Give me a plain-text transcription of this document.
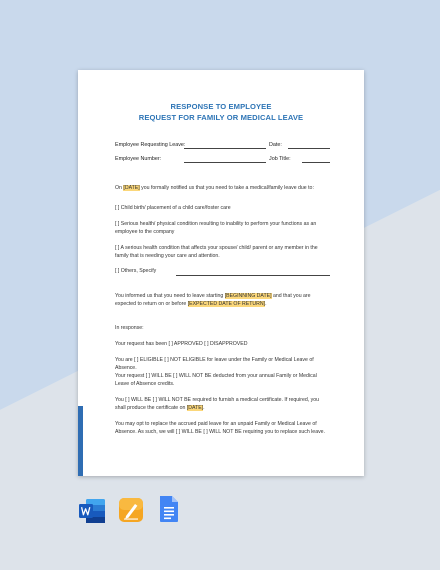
RESPONSE TO EMPLOYEE
REQUEST FOR FAMILY OR MEDICAL LEAVE
Employee Requesting Leave:	Date:
Employee Number:	Job Title:
On [DATE] you formally notified us that you need to take a medical/family leave due to:
[ ] Child birth/ placement of a child care/foster care
[ ] Serious health/ physical condition resulting to inability to perform your functions as an employee to the company
[ ] A serious health condition that affects your spouse/ child/ parent or any member in the family that is needing your care and attention.
[ ] Others, Specify
You informed us that you need to leave starting [BEGINNING DATE] and that you are expected to return on or before [EXPECTED DATE OF RETURN].
In response:
Your request has been [ ] APPROVED [ ] DISAPPROVED
You are [ ] ELIGIBLE [ ] NOT ELIGIBLE for leave under the Family or Medical Leave of Absence.
Your request [ ] WILL BE [ ] WILL NOT BE deducted from your annual Family or Medical Leave of Absence credits.
You [ ] WILL BE [ ] WILL NOT BE required to furnish a medical certificate. If required, you shall produce the certificate on [DATE].
You may opt to replace the accrued paid leave for an unpaid Family or Medical Leave of Absence. As such, we will [ ] WILL BE [ ] WILL NOT BE requiring you to replace such leave.
